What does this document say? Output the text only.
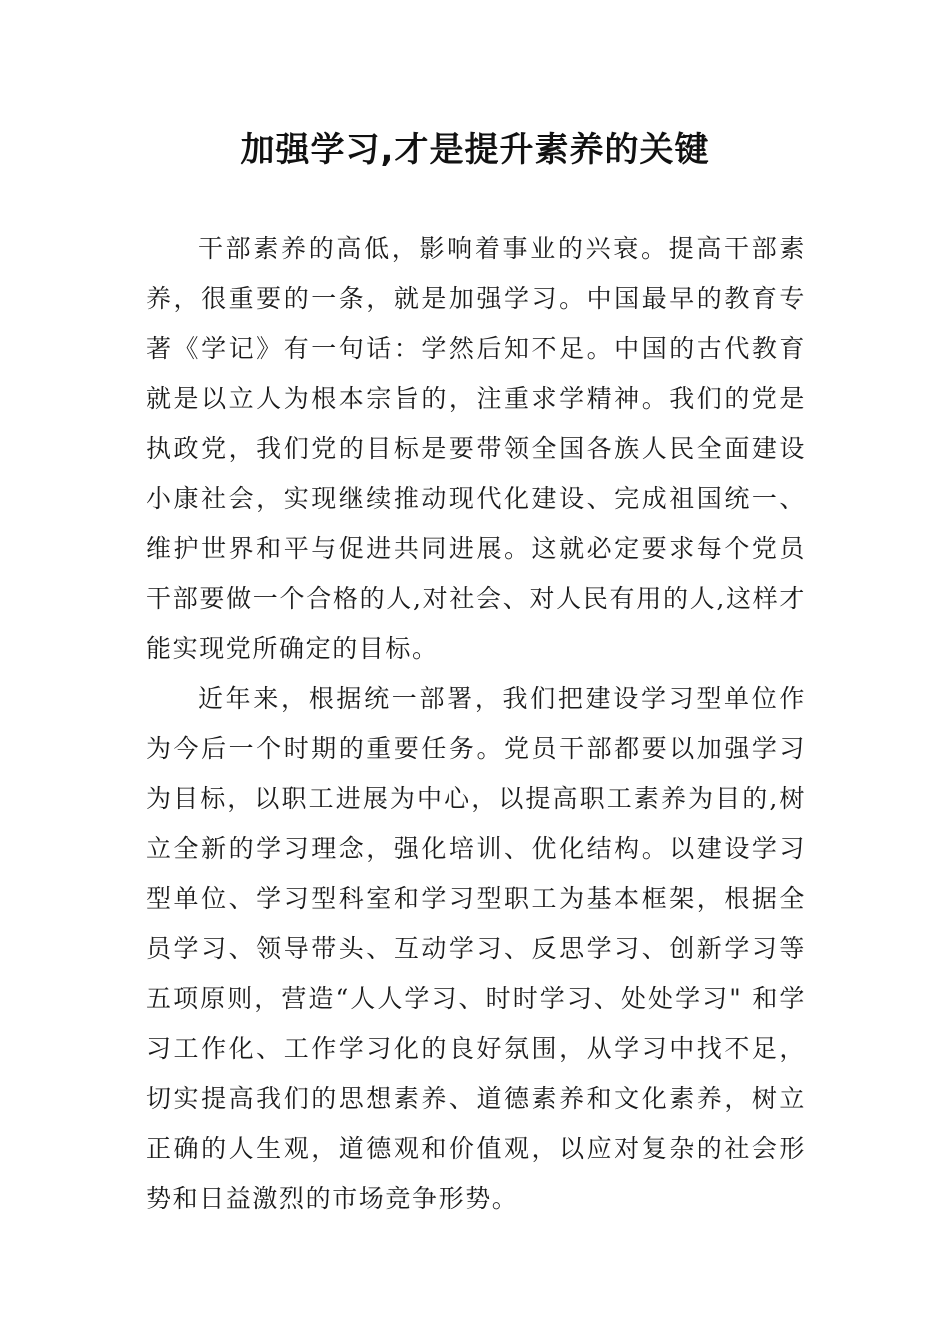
加强学习,才是提升素养的关键

干部素养的高低，影响着事业的兴衰。提高干部素养，很重要的一条，就是加强学习。中国最早的教育专著《学记》有一句话：学然后知不足。中国的古代教育就是以立人为根本宗旨的，注重求学精神。我们的党是执政党，我们党的目标是要带领全国各族人民全面建设小康社会，实现继续推动现代化建设、完成祖国统一、维护世界和平与促进共同进展。这就必定要求每个党员干部要做一个合格的人,对社会、对人民有用的人,这样才能实现党所确定的目标。

近年来，根据统一部署，我们把建设学习型单位作为今后一个时期的重要任务。党员干部都要以加强学习为目标，以职工进展为中心，以提高职工素养为目的,树立全新的学习理念，强化培训、优化结构。以建设学习型单位、学习型科室和学习型职工为基本框架，根据全员学习、领导带头、互动学习、反思学习、创新学习等五项原则，营造“人人学习、时时学习、处处学习" 和学习工作化、工作学习化的良好氛围，从学习中找不足，切实提高我们的思想素养、道德素养和文化素养，树立正确的人生观，道德观和价值观，以应对复杂的社会形势和日益激烈的市场竞争形势。
